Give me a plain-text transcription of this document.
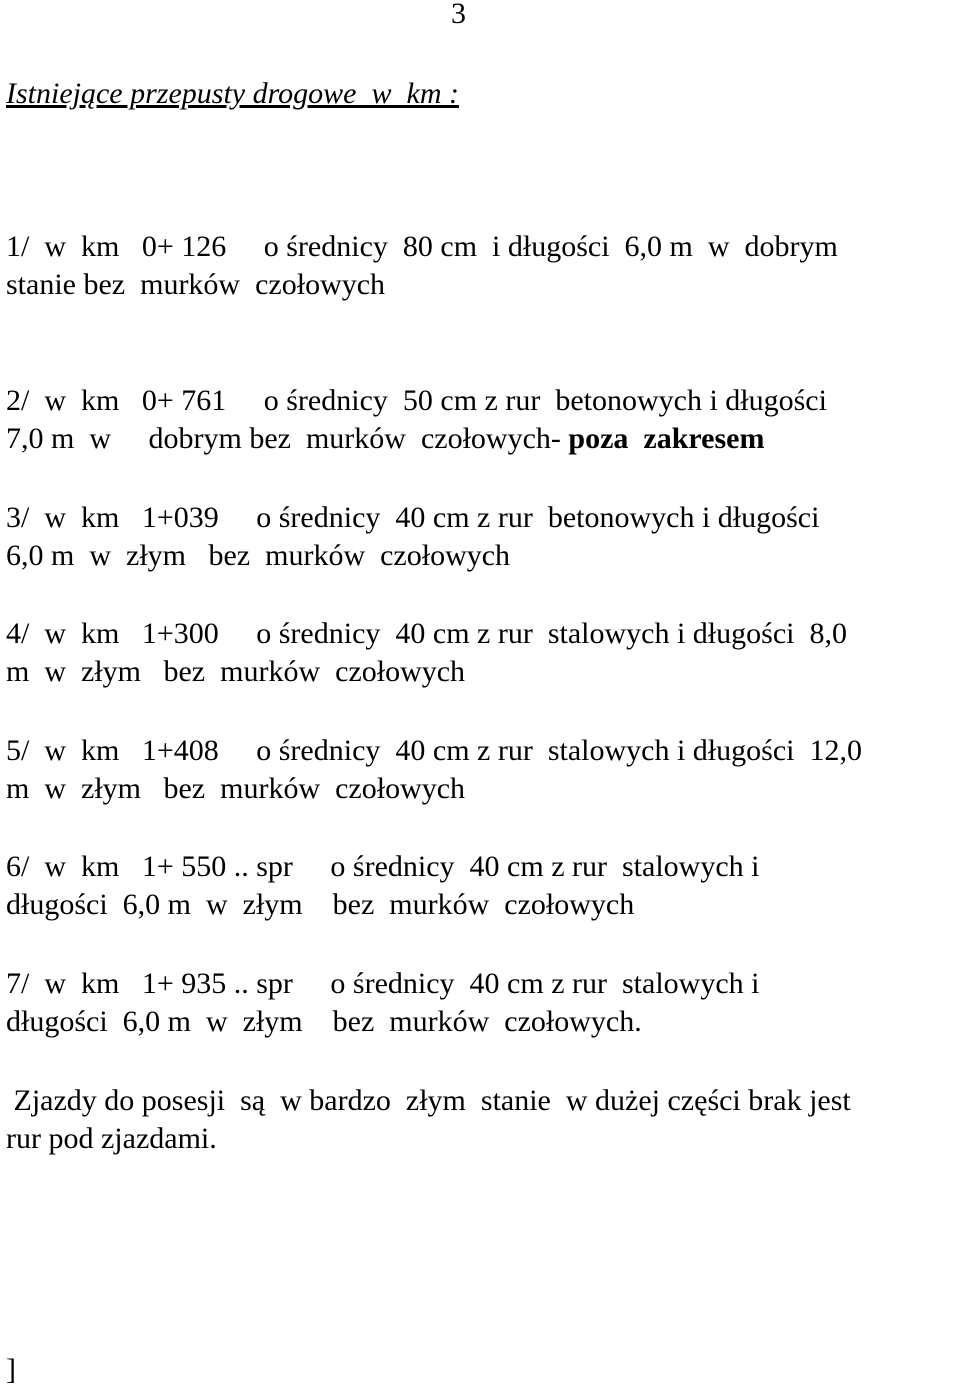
3
Istniejące przepusty drogowe  w  km :
1/  w  km   0+ 126     o średnicy  80 cm  i długości  6,0 m  w  dobrym
stanie bez  murków  czołowych
2/  w  km   0+ 761     o średnicy  50 cm z rur  betonowych i długości
7,0 m  w     dobrym bez  murków  czołowych- poza  zakresem
3/  w  km   1+039     o średnicy  40 cm z rur  betonowych i długości
6,0 m  w  złym   bez  murków  czołowych
4/  w  km   1+300     o średnicy  40 cm z rur  stalowych i długości  8,0
m  w  złym   bez  murków  czołowych
5/  w  km   1+408     o średnicy  40 cm z rur  stalowych i długości  12,0
m  w  złym   bez  murków  czołowych
6/  w  km   1+ 550 .. spr     o średnicy  40 cm z rur  stalowych i
długości  6,0 m  w  złym    bez  murków  czołowych
7/  w  km   1+ 935 .. spr     o średnicy  40 cm z rur  stalowych i
długości  6,0 m  w  złym    bez  murków  czołowych.
Zjazdy do posesji  są  w bardzo  złym  stanie  w dużej części brak jest
rur pod zjazdami.
]
